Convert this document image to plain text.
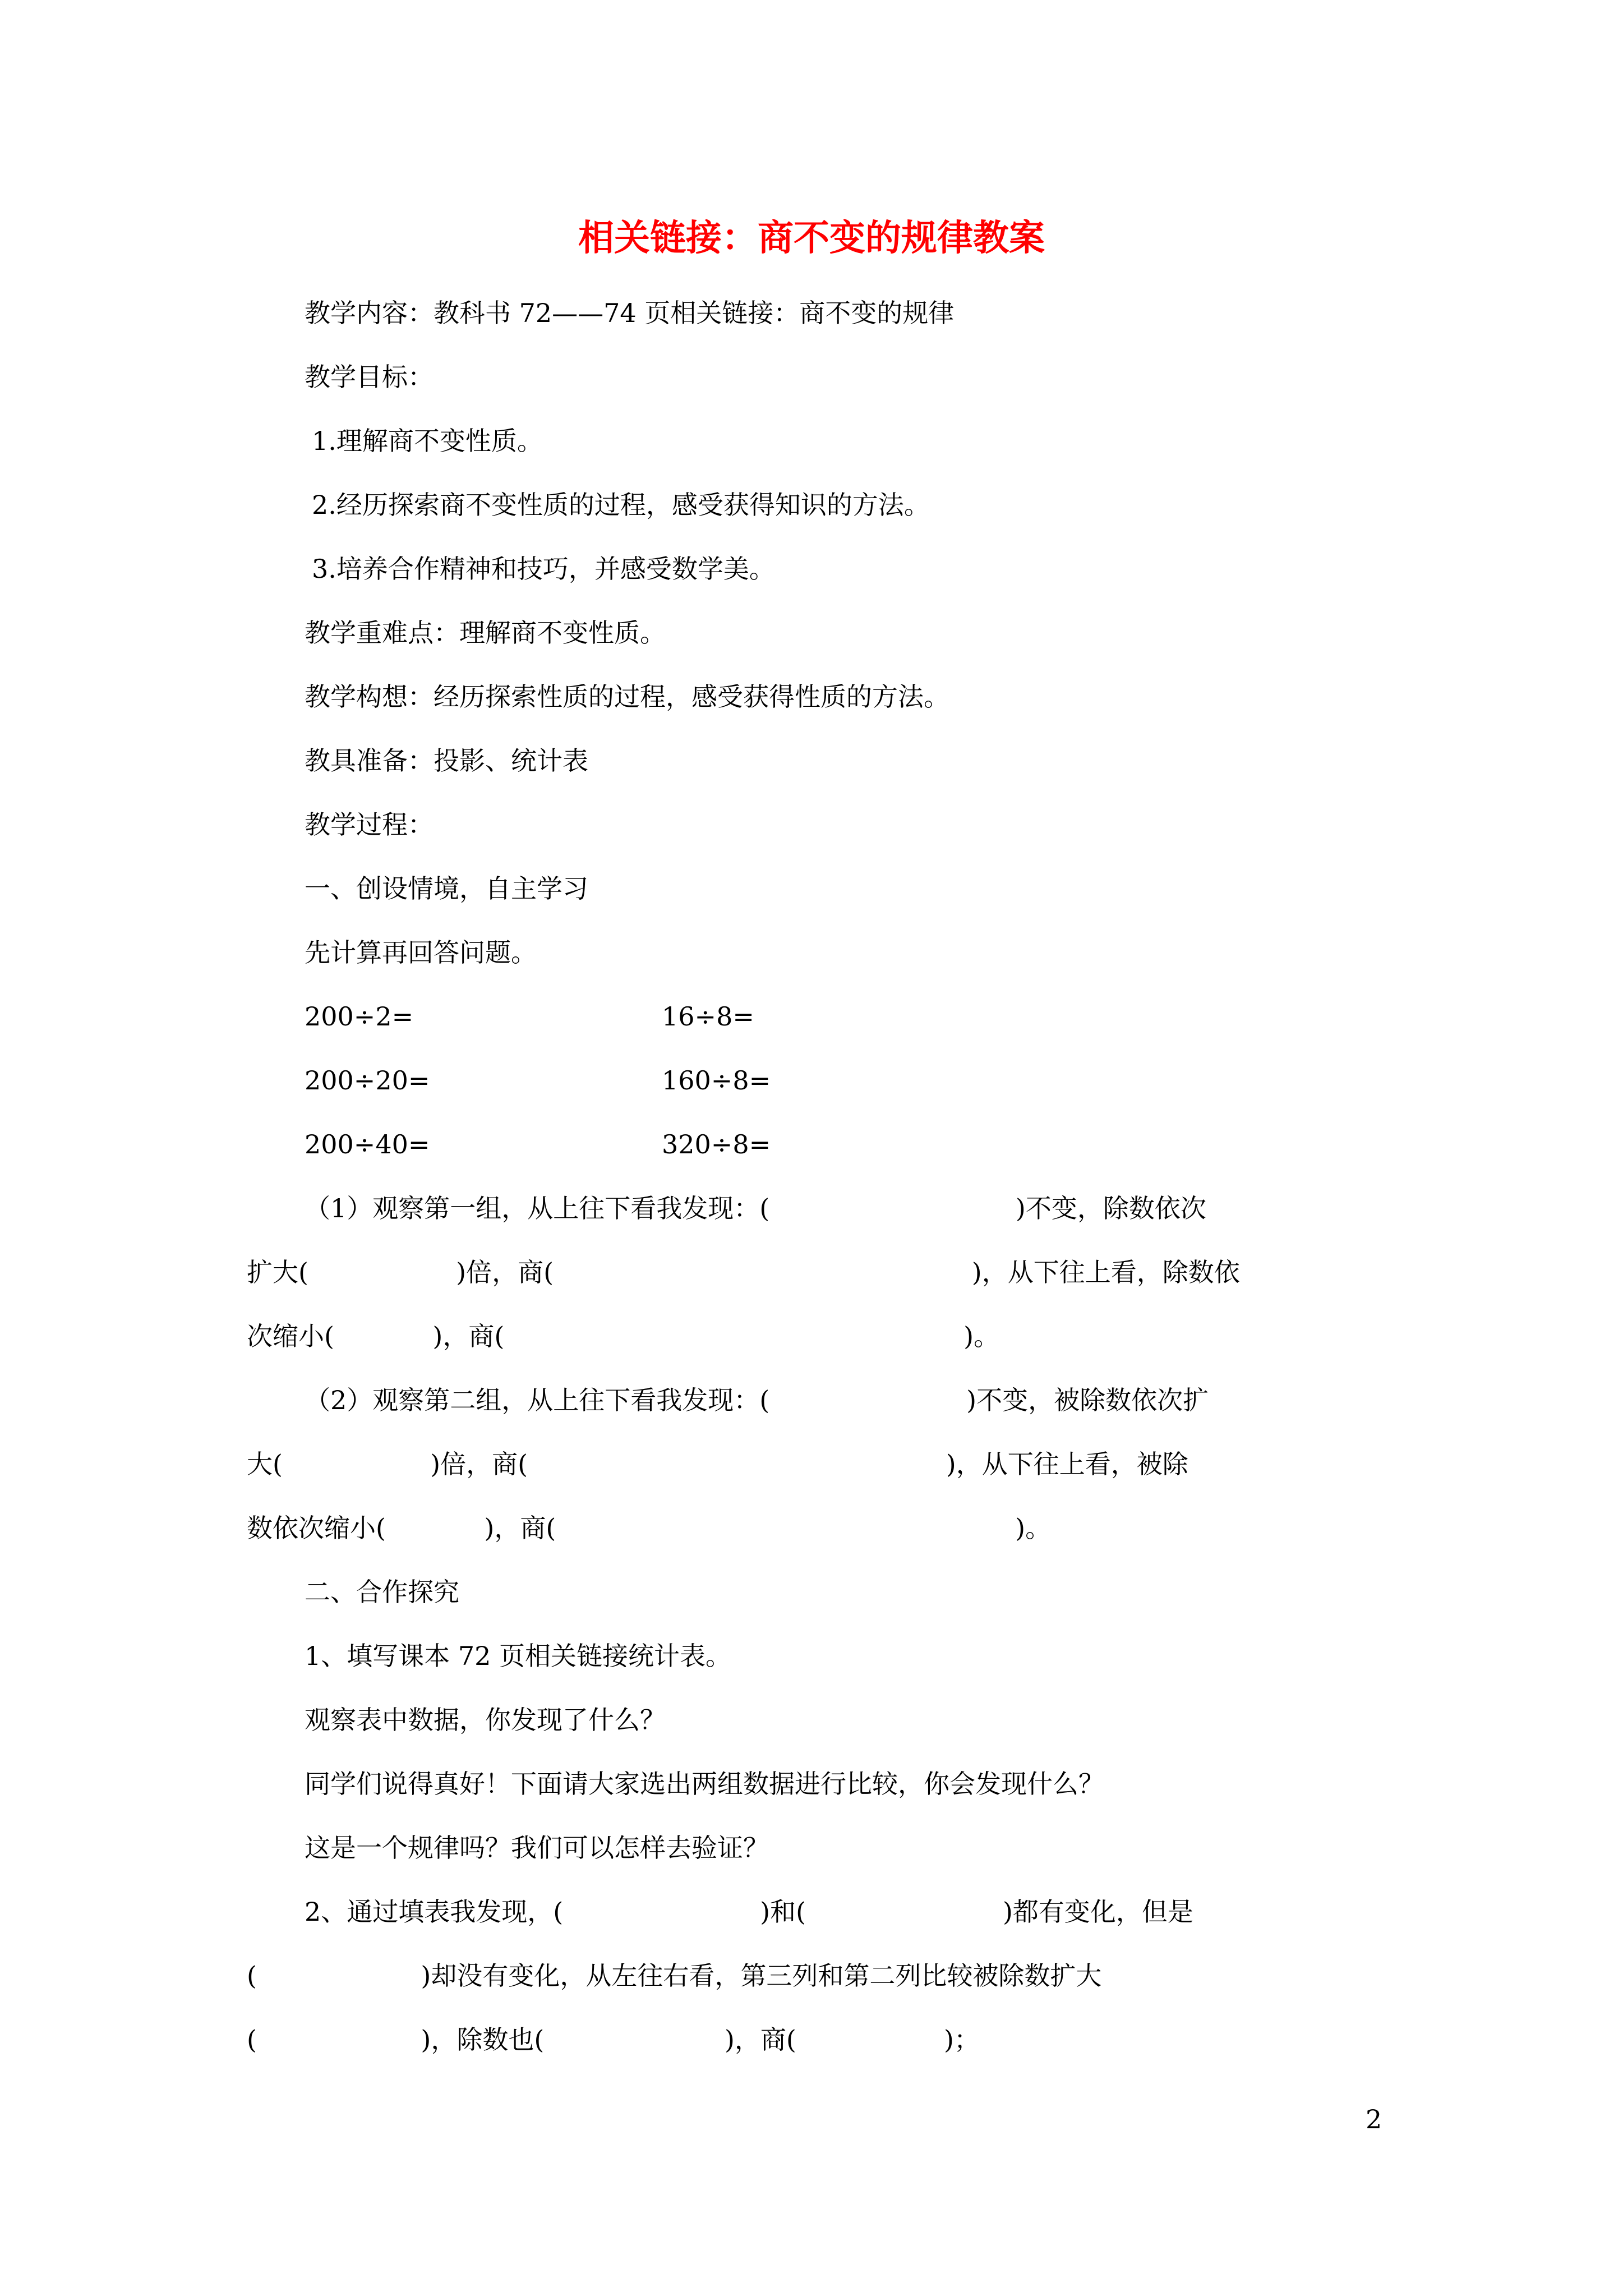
相关链接：商不变的规律教案
教学内容：教科书 72——74 页相关链接：商不变的规律
教学目标：
1.理解商不变性质。
2.经历探索商不变性质的过程，感受获得知识的方法。
3.培养合作精神和技巧，并感受数学美。
教学重难点：理解商不变性质。
教学构想：经历探索性质的过程，感受获得性质的方法。
教具准备：投影、统计表
教学过程：
一、创设情境，自主学习
先计算再回答问题。
200÷2=	16÷8=
200÷20=	160÷8=
200÷40=	320÷8=
（1）观察第一组，从上往下看我发现：(                              )不变，除数依次
扩大(                  )倍，商(                                                   )，从下往上看，除数依
次缩小(            )，商(                                                        )。
（2）观察第二组，从上往下看我发现：(                        )不变，被除数依次扩
大(                  )倍，商(                                                   )，从下往上看，被除
数依次缩小(            )，商(                                                        )。
二、合作探究
1、填写课本 72 页相关链接统计表。
观察表中数据，你发现了什么？
同学们说得真好！下面请大家选出两组数据进行比较，你会发现什么？
这是一个规律吗？我们可以怎样去验证？
2、通过填表我发现，(                        )和(                        )都有变化，但是
(                    )却没有变化，从左往右看，第三列和第二列比较被除数扩大
(                    )，除数也(                      )，商(                  )；
2
